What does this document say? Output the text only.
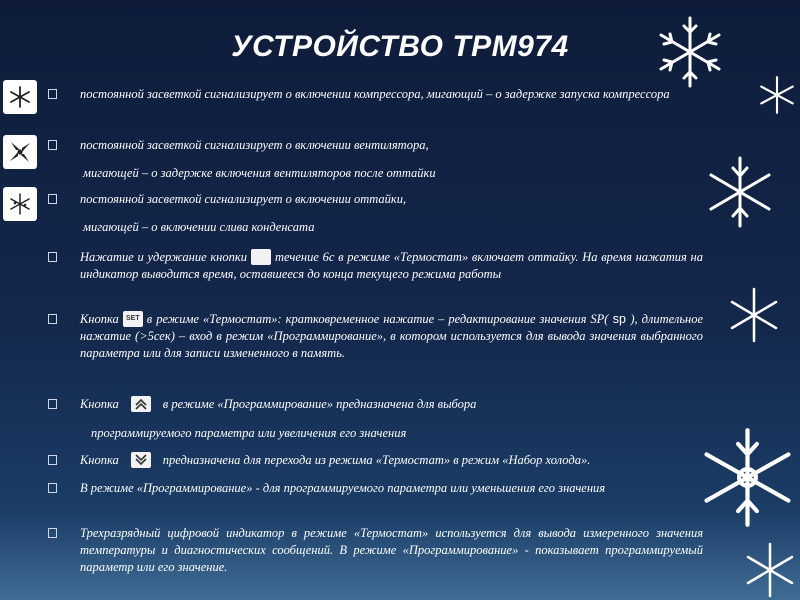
УСТРОЙСТВО ТРМ974
постоянной засветкой сигнализирует о включении компрессора, мигающий – о задержке запуска компрессора
постоянной засветкой сигнализирует о включении вентилятора,
мигающей – о задержке включения вентиляторов после оттайки
постоянной засветкой сигнализирует о включении оттайки,
мигающей – о включении слива конденсата
Нажатие и удержание кнопки течение 6с в режиме «Термостат» включает оттайку. На время нажатия на индикатор выводится время, оставшееся до конца текущего режима работы
Кнопка SET в режиме «Термостат»: кратковременное нажатие – редактирование значения SP( sp ), длительное нажатие (>5сек) – вход в режим «Программирование», в котором используется для вывода значения выбранного параметра или для записи измененного в память.
Кнопка	в режиме «Программирование» предназначена для выбора
программируемого параметра или увеличения его значения
Кнопка	предназначена для перехода из режима «Термостат» в режим «Набор холода».
В режиме «Программирование» - для программируемого параметра или уменьшения его значения
Трехразрядный цифровой индикатор в режиме «Термостат» используется для вывода измеренного значения температуры и диагностических сообщений. В режиме «Программирование» - показывает программируемый параметр или его значение.
